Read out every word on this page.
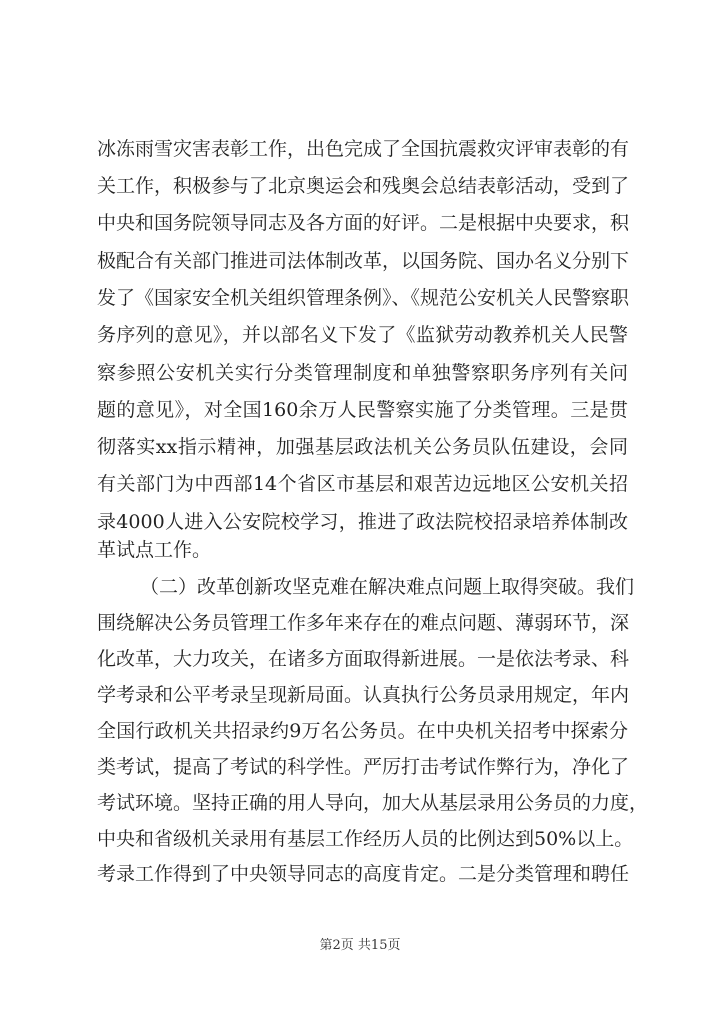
冰冻雨雪灾害表彰工作，出色完成了全国抗震救灾评审表彰的有
关工作，积极参与了北京奥运会和残奥会总结表彰活动，受到了
中央和国务院领导同志及各方面的好评。二是根据中央要求，积
极配合有关部门推进司法体制改革，以国务院、国办名义分别下
发了《国家安全机关组织管理条例》、《规范公安机关人民警察职
务序列的意见》，并以部名义下发了《监狱劳动教养机关人民警
察参照公安机关实行分类管理制度和单独警察职务序列有关问
题的意见》，对全国160余万人民警察实施了分类管理。三是贯
彻落实xx指示精神，加强基层政法机关公务员队伍建设，会同
有关部门为中西部14个省区市基层和艰苦边远地区公安机关招
录4000人进入公安院校学习，推进了政法院校招录培养体制改
革试点工作。
（二）改革创新攻坚克难在解决难点问题上取得突破。我们
围绕解决公务员管理工作多年来存在的难点问题、薄弱环节，深
化改革，大力攻关，在诸多方面取得新进展。一是依法考录、科
学考录和公平考录呈现新局面。认真执行公务员录用规定，年内
全国行政机关共招录约9万名公务员。在中央机关招考中探索分
类考试，提高了考试的科学性。严厉打击考试作弊行为，净化了
考试环境。坚持正确的用人导向，加大从基层录用公务员的力度，
中央和省级机关录用有基层工作经历人员的比例达到50%以上。
考录工作得到了中央领导同志的高度肯定。二是分类管理和聘任
第2页 共15页
